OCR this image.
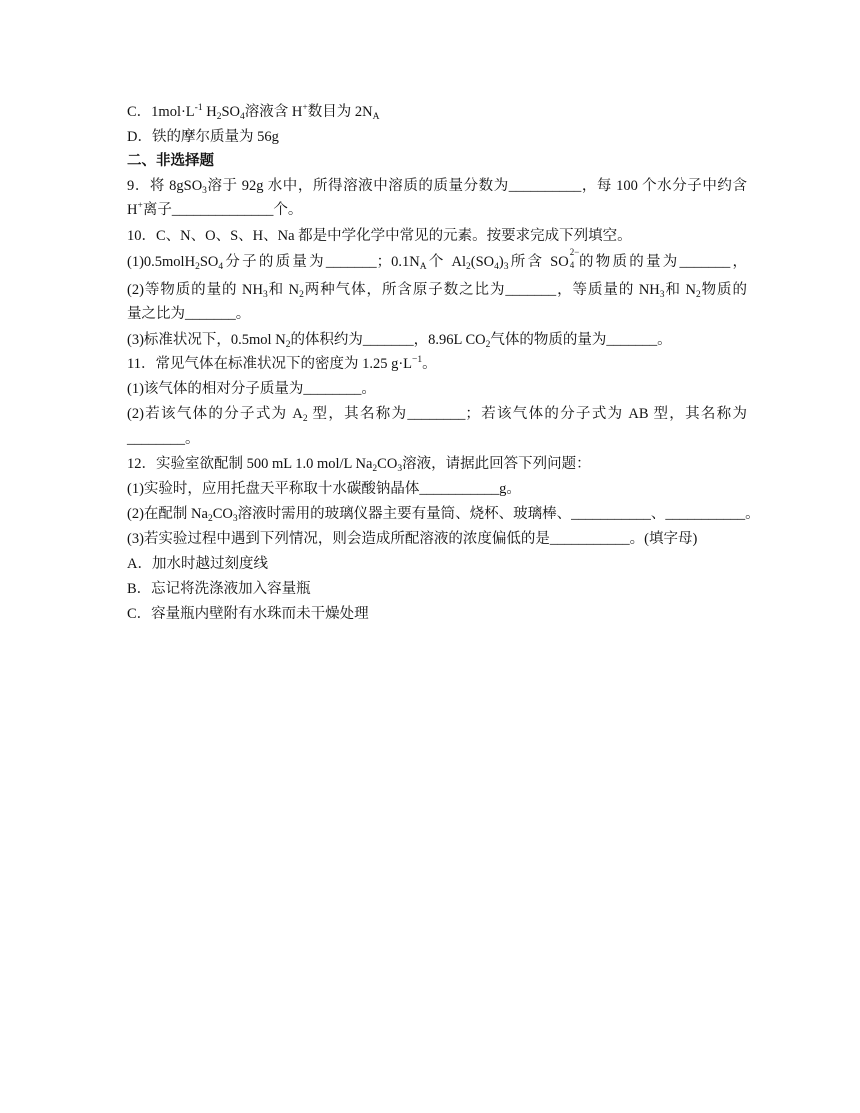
C．$1mol\cdot L^{-1}$ $H_2SO_4$溶液含 H+数目为 $2N_A$
D．铁的摩尔质量为 56g
二、非选择题
9．将 8gSO$_3$溶于 92g 水中，所得溶液中溶质的质量分数为__________，每 100 个水分子中约含
H+离子______________个。
10．C、N、O、S、H、Na 都是中学化学中常见的元素。按要求完成下列填空。
$(1)0.5molH_2SO_4$分子的质量为_______；$0.1N_A$个 $Al_2(SO_4)_3$所含 SO
2−
4 的物质的量为_______，
(2)等物质的量的 $NH_3$和 $N_2$两种气体，所含原子数之比为_______，等质量的 $NH_3$和 $N_2$物质的
量之比为_______。
(3)标准状况下，0.5mol $N_2$的体积约为_______，8.96L $CO_2$气体的物质的量为_______。
11．常见气体在标准状况下的密度为 1.25 $g\cdot L^{-1}$。
(1)该气体的相对分子质量为________。
(2)若该气体的分子式为 $A_2$ 型，其名称为________；若该气体的分子式为 AB 型，其名称为
________。
12．实验室欲配制 500 mL 1.0 mol/L $Na_2CO_3$溶液，请据此回答下列问题：
(1)实验时，应用托盘天平称取十水碳酸钠晶体___________g。
(2)在配制 $Na_2CO_3$溶液时需用的玻璃仪器主要有量筒、烧杯、玻璃棒、___________、___________。
(3)若实验过程中遇到下列情况，则会造成所配溶液的浓度偏低的是___________。(填字母)
A．加水时越过刻度线
B．忘记将洗涤液加入容量瓶
C．容量瓶内壁附有水珠而未干燥处理
